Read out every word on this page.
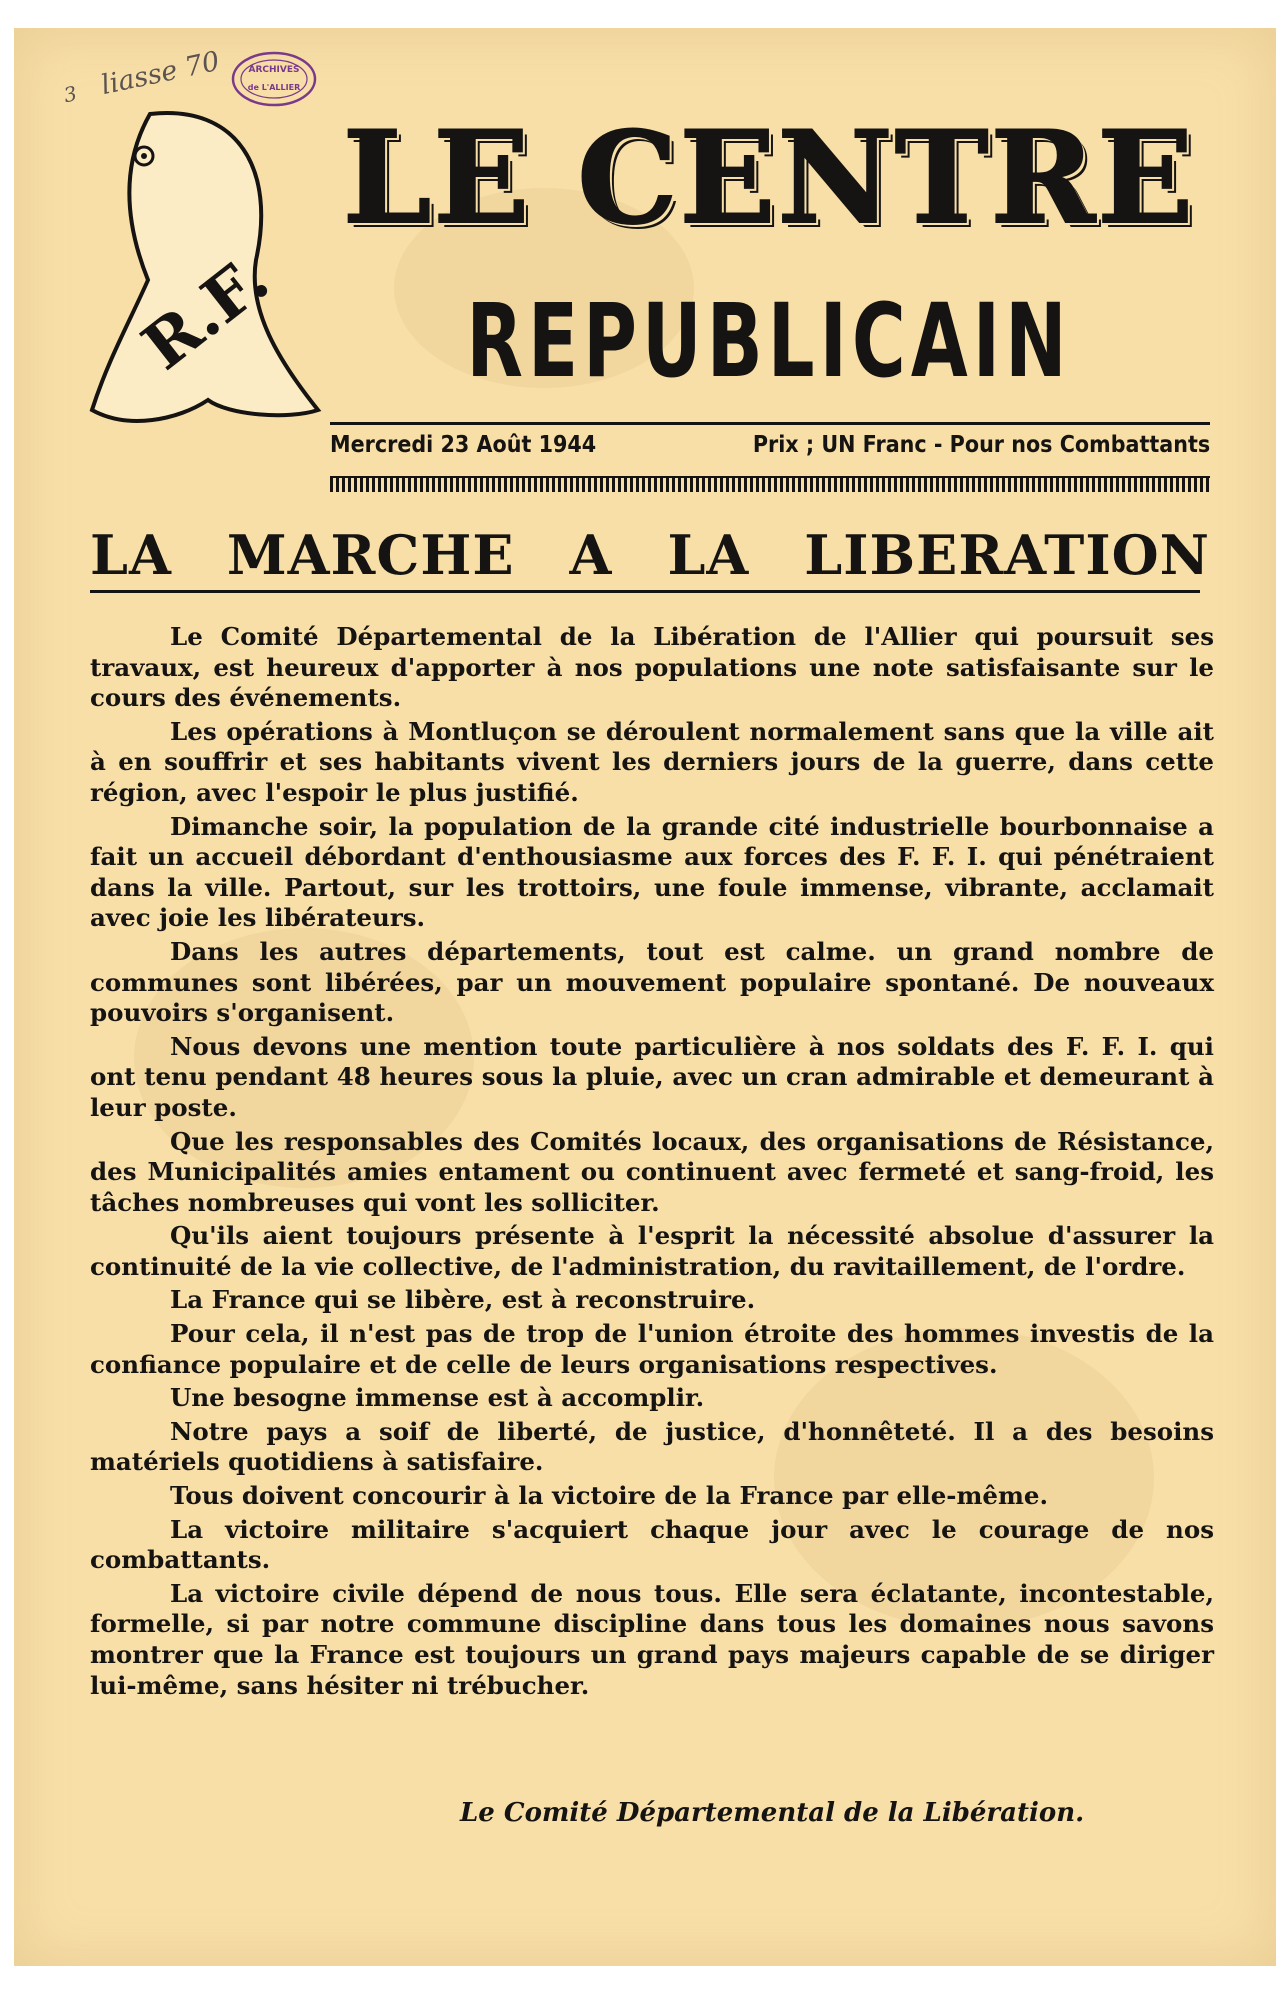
3 liasse 70	ARCHIVES
de L'ALLIER
R.F.
LE CENTRE
REPUBLICAIN
Mercredi 23 Août 1944	Prix ; UN Franc - Pour nos Combattants
LA MARCHE A LA LIBERATION

Le Comité Départemental de la Libération de l'Allier qui poursuit ses travaux, est heureux d'apporter à nos populations une note satisfaisante sur le cours des événements.

Les opérations à Montluçon se déroulent normalement sans que la ville ait à en souffrir et ses habitants vivent les derniers jours de la guerre, dans cette région, avec l'espoir le plus justifié.

Dimanche soir, la population de la grande cité industrielle bourbonnaise a fait un accueil débordant d'enthousiasme aux forces des F. F. I. qui pénétraient dans la ville. Partout, sur les trottoirs, une foule immense, vibrante, acclamait avec joie les libérateurs.

Dans les autres départements, tout est calme. un grand nombre de communes sont libérées, par un mouvement populaire spontané. De nouveaux pouvoirs s'organisent.

Nous devons une mention toute particulière à nos soldats des F. F. I. qui ont tenu pendant 48 heures sous la pluie, avec un cran admirable et demeurant à leur poste.

Que les responsables des Comités locaux, des organisations de Résistance, des Municipalités amies entament ou continuent avec fermeté et sang-froid, les tâches nombreuses qui vont les solliciter.

Qu'ils aient toujours présente à l'esprit la nécessité absolue d'assurer la continuité de la vie collective, de l'administration, du ravitaillement, de l'ordre.

La France qui se libère, est à reconstruire.

Pour cela, il n'est pas de trop de l'union étroite des hommes investis de la confiance populaire et de celle de leurs organisations respectives.

Une besogne immense est à accomplir.

Notre pays a soif de liberté, de justice, d'honnêteté. Il a des besoins matériels quotidiens à satisfaire.

Tous doivent concourir à la victoire de la France par elle-même.

La victoire militaire s'acquiert chaque jour avec le courage de nos combattants.

La victoire civile dépend de nous tous. Elle sera éclatante, incontestable, formelle, si par notre commune discipline dans tous les domaines nous savons montrer que la France est toujours un grand pays majeurs capable de se diriger lui-même, sans hésiter ni trébucher.

Le Comité Départemental de la Libération.
